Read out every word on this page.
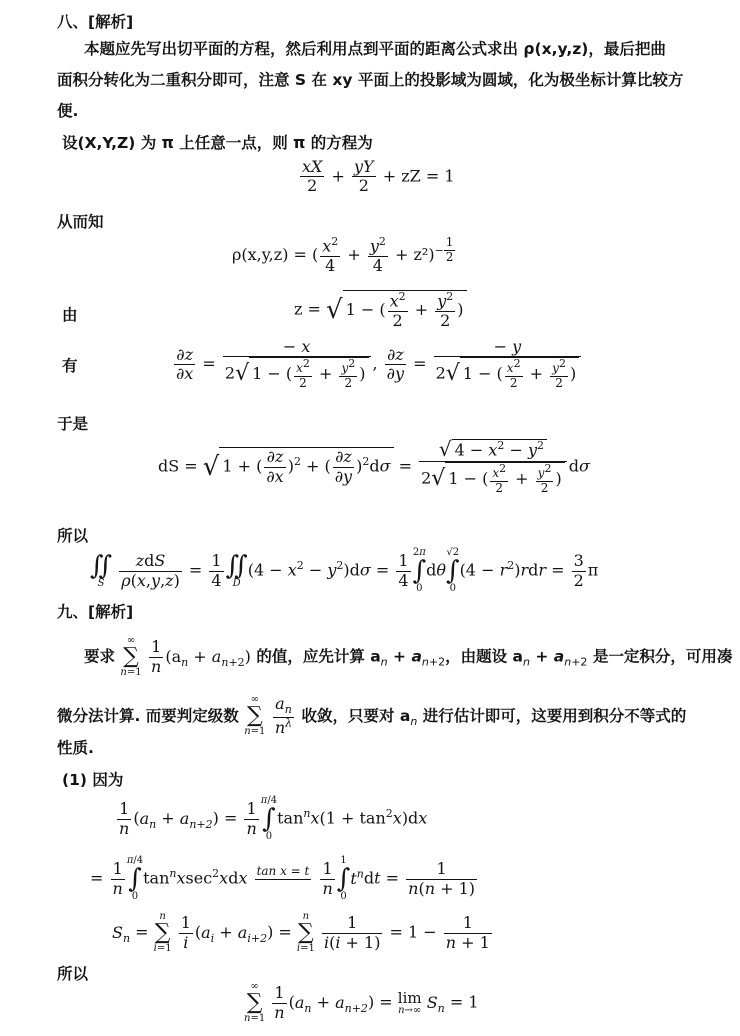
八、[解析]
本题应先写出切平面的方程，然后利用点到平面的距离公式求出 ρ(x,y,z)，最后把曲
面积分转化为二重积分即可，注意 S 在 xy 平面上的投影域为圆域，化为极坐标计算比较方
便.
设(X,Y,Z) 为 π 上任意一点，则 π 的方程为
$\frac{xX}{2} + \frac{yY}{2}$ + zZ = 1
从而知
ρ(x,y,z) = ( $\frac{x^2}{4} + \frac{y^2}{4} + z^2)^{- \frac{1}{2}}$
由	z = √ 1 − ( $\frac{x^2}{2} + \frac{y^2}{2}$ )
有	$\frac{\partial z}{\partial x} = \frac{- x}{2√ 1 - ( \frac{x2}{2} + \frac{y2}{2} )}$ , $\frac{\partial z}{\partial y} = \frac{- y}{2√ 1 - ( \frac{x2}{2} + \frac{y2}{2} )}$
于是
dS = √ 1 + ( $\frac{\partial z}{\partial x} )^2$ + ( $\frac{\partial z}{\partial y} )^2d\sigma = \frac{√ 4 - x^2 - y^2}{2√ 1 - ( \frac{x2}{2} + \frac{y2}{2} )}$ dσ
所以
∬
S
$\frac{\text{zdS}}{\rho(x,y,z)} = \frac{1}{4}$ ∬
D
$(4 - x^2 - y^2)d\sigma = \frac{1}{4} 2\pi$
∫
0
dθ
√2
∫
0
$(4 - r^2)rdr = \frac{3}{2}$ π
九、[解析]
要求
∞
∑
n=1
$\frac{1}{n} (a_n + a_{n+2})$ 的值，应先计算 $a_n + a_{n+2}$，由题设 $a_n + a_{n+2}$ 是一定积分，可用凑
微分法计算. 而要判定级数
∞
∑
n=1
$\frac{a_n}{n^\lambda}$ 收敛，只要对 $a_n$ 进行估计即可，这要用到积分不等式的
性质.
(1) 因为
$\frac{1}{n} (a_n + a_{n+2}) = \frac{1}{n} \pi/4$
∫
0
$\tan^nx(1 + \tan^2x)dx$
= $\frac{1}{n} \pi/4$
∫
0
$\tan^nxsec^2xdx$ tan x = t

$\frac{1}{n} 1$
∫
0
$t^ndt = \frac{1}{n(n + 1)}$
$S_n$ =
n
∑
i=1
$\frac{1}{i} (a_i + a_{i+2})$ =
n
∑
i=1
$\frac{1}{i(i + 1)} = 1 - \frac{1}{n + 1}$
所以
∞
∑
n=1
$\frac{1}{n} (a_n + a_{n+2}) = \lim$
n→∞ $S_n = 1$
